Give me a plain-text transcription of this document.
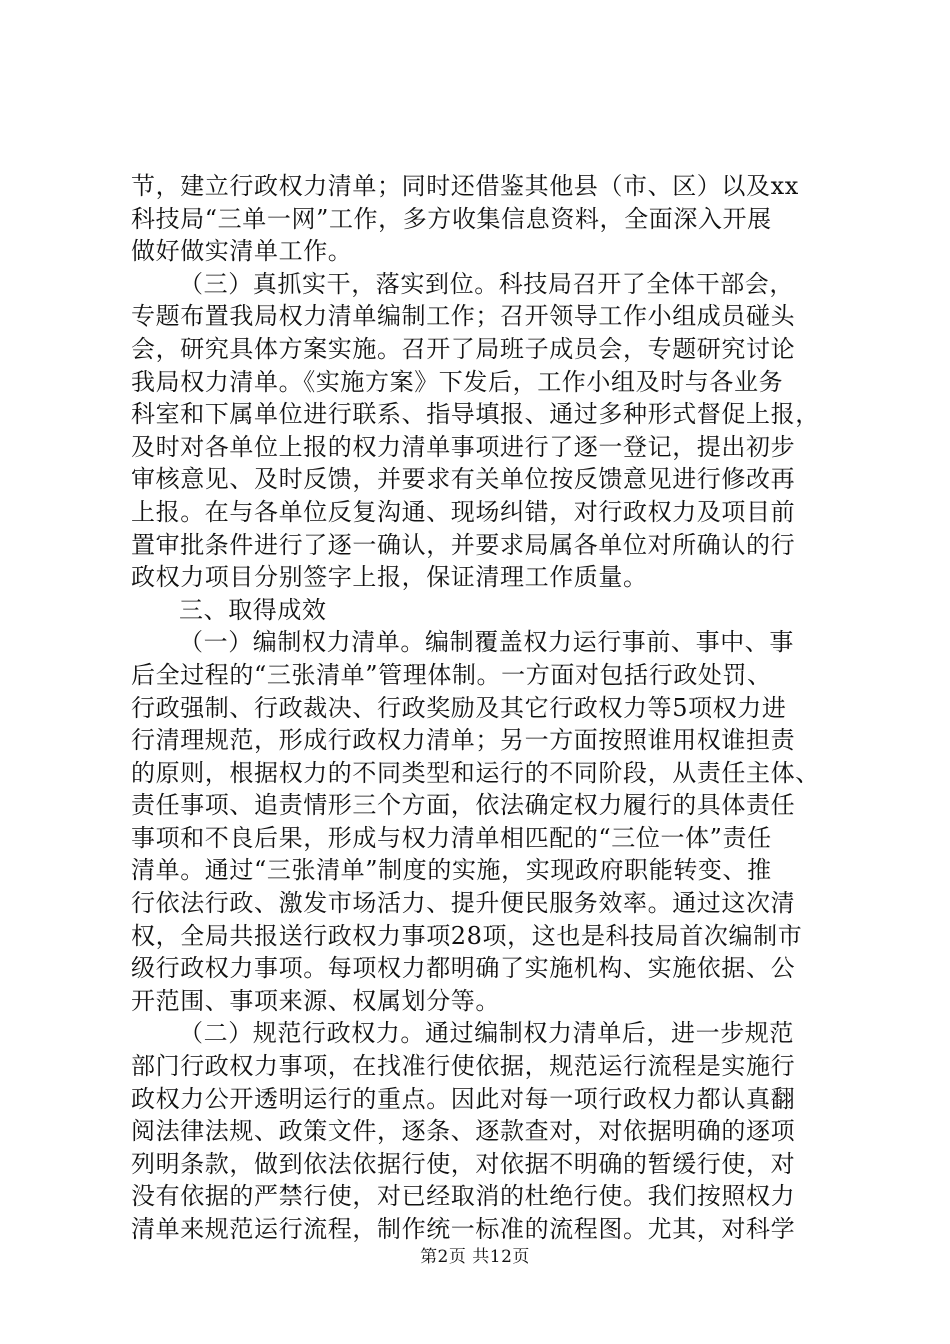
节，建立行政权力清单；同时还借鉴其他县（市、区）以及xx
科技局“三单一网”工作，多方收集信息资料，全面深入开展
做好做实清单工作。
（三）真抓实干，落实到位。科技局召开了全体干部会，
专题布置我局权力清单编制工作；召开领导工作小组成员碰头
会，研究具体方案实施。召开了局班子成员会，专题研究讨论
我局权力清单。《实施方案》下发后，工作小组及时与各业务
科室和下属单位进行联系、指导填报、通过多种形式督促上报，
及时对各单位上报的权力清单事项进行了逐一登记，提出初步
审核意见、及时反馈，并要求有关单位按反馈意见进行修改再
上报。在与各单位反复沟通、现场纠错，对行政权力及项目前
置审批条件进行了逐一确认，并要求局属各单位对所确认的行
政权力项目分别签字上报，保证清理工作质量。
三、取得成效
（一）编制权力清单。编制覆盖权力运行事前、事中、事
后全过程的“三张清单”管理体制。一方面对包括行政处罚、
行政强制、行政裁决、行政奖励及其它行政权力等5项权力进
行清理规范，形成行政权力清单；另一方面按照谁用权谁担责
的原则，根据权力的不同类型和运行的不同阶段，从责任主体、
责任事项、追责情形三个方面，依法确定权力履行的具体责任
事项和不良后果，形成与权力清单相匹配的“三位一体”责任
清单。通过“三张清单”制度的实施，实现政府职能转变、推
行依法行政、激发市场活力、提升便民服务效率。通过这次清
权，全局共报送行政权力事项28项，这也是科技局首次编制市
级行政权力事项。每项权力都明确了实施机构、实施依据、公
开范围、事项来源、权属划分等。
（二）规范行政权力。通过编制权力清单后，进一步规范
部门行政权力事项，在找准行使依据，规范运行流程是实施行
政权力公开透明运行的重点。因此对每一项行政权力都认真翻
阅法律法规、政策文件，逐条、逐款查对，对依据明确的逐项
列明条款，做到依法依据行使，对依据不明确的暂缓行使，对
没有依据的严禁行使，对已经取消的杜绝行使。我们按照权力
清单来规范运行流程，制作统一标准的流程图。尤其，对科学
第2页 共12页
